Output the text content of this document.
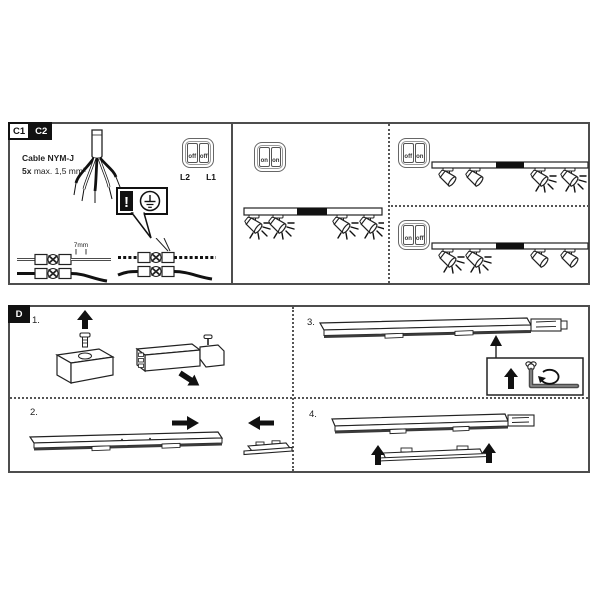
C1	C2
Cable NYM-J
5x max. 1,5 mm²
off off
L2 L1
!
7mm
on on
off on
on off
D
1.
2.
3.
4.
